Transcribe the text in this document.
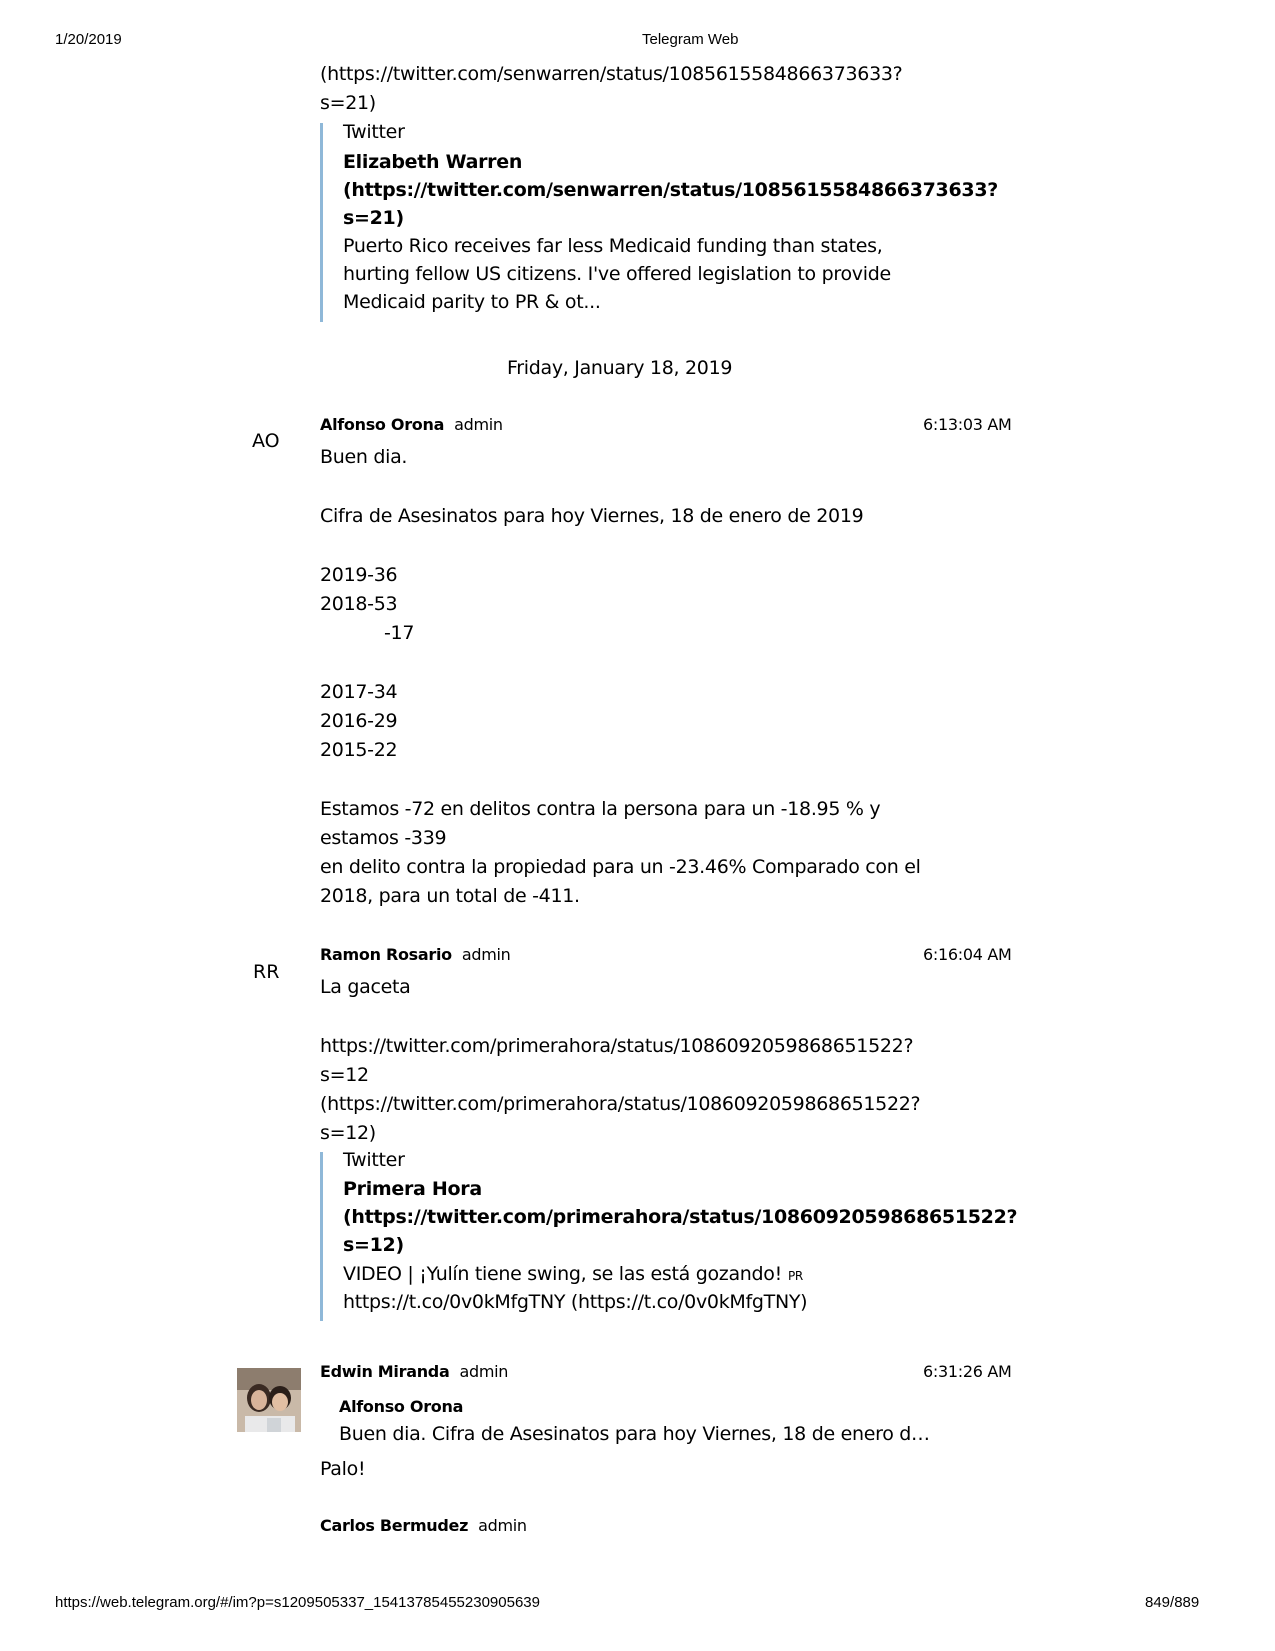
1/20/2019	Telegram Web
(https://twitter.com/senwarren/status/1085615584866373633?
s=21)
Twitter
Elizabeth Warren
(https://twitter.com/senwarren/status/1085615584866373633?
s=21)
Puerto Rico receives far less Medicaid funding than states,
hurting fellow US citizens. I've offered legislation to provide
Medicaid parity to PR & ot...
Friday, January 18, 2019
AO
Alfonso Orona admin	6:13:03 AM
Buen dia.
Cifra de Asesinatos para hoy Viernes, 18 de enero de 2019
2019-36
2018-53
-17
2017-34
2016-29
2015-22
Estamos -72 en delitos contra la persona para un -18.95 % y
estamos -339
en delito contra la propiedad para un -23.46% Comparado con el
2018, para un total de -411.
RR
Ramon Rosario admin	6:16:04 AM
La gaceta
https://twitter.com/primerahora/status/1086092059868651522?
s=12
(https://twitter.com/primerahora/status/1086092059868651522?
s=12)
Twitter
Primera Hora
(https://twitter.com/primerahora/status/1086092059868651522?
s=12)
VIDEO | ¡Yulín tiene swing, se las está gozando! PR
https://t.co/0v0kMfgTNY (https://t.co/0v0kMfgTNY)
Edwin Miranda admin	6:31:26 AM
Alfonso Orona
Buen dia. Cifra de Asesinatos para hoy Viernes, 18 de enero d…
Palo!
Carlos Bermudez admin
https://web.telegram.org/#/im?p=s1209505337_15413785455230905639	849/889
